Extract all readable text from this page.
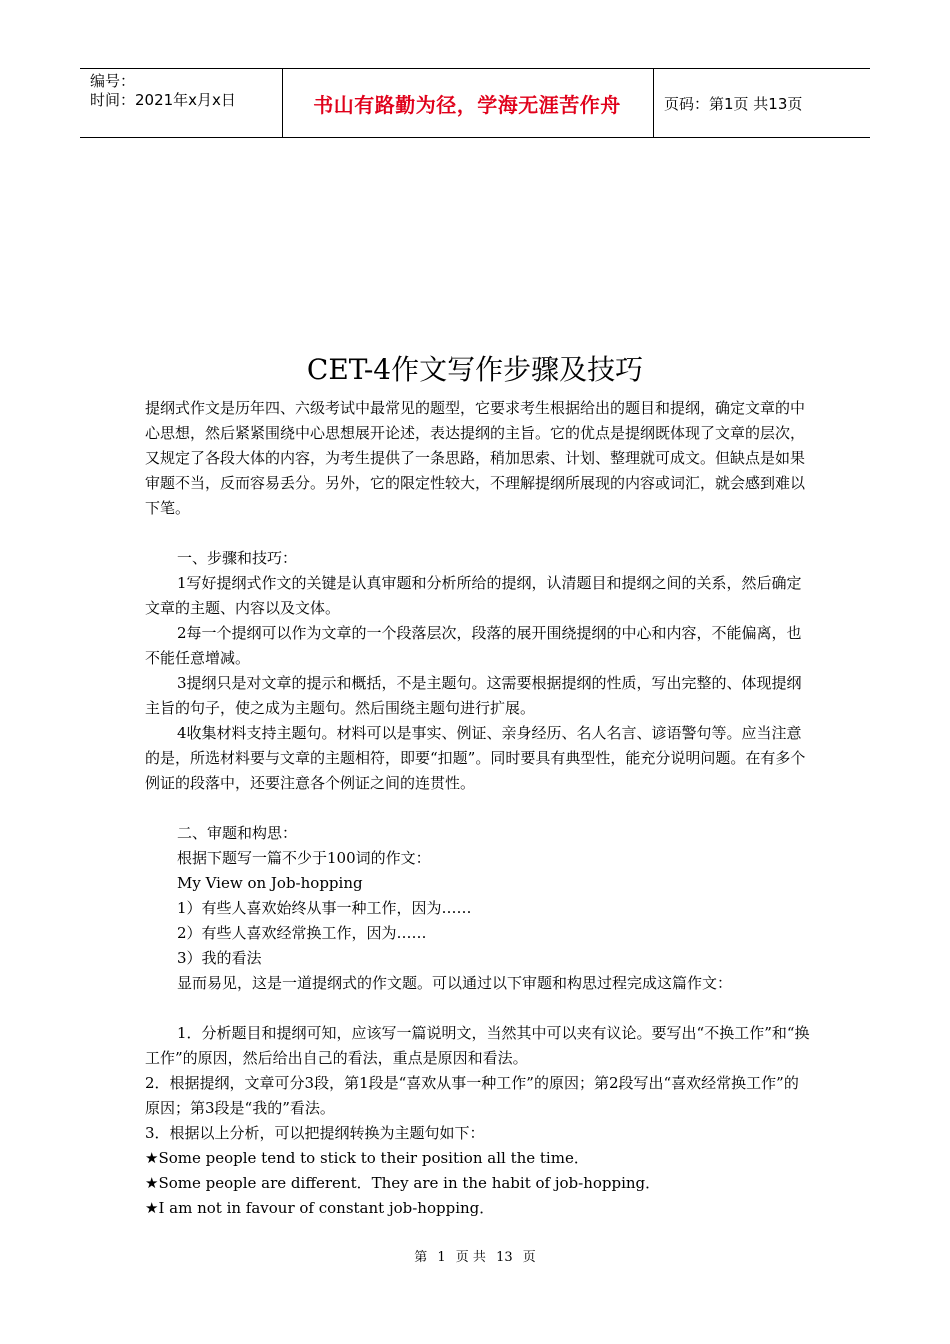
编号：
时间：2021年x月x日	书山有路勤为径，学海无涯苦作舟	页码：第1页 共13页
CET-4作文写作步骤及技巧

提纲式作文是历年四、六级考试中最常见的题型，它要求考生根据给出的题目和提纲，确定文章的中心思想，然后紧紧围绕中心思想展开论述，表达提纲的主旨。它的优点是提纲既体现了文章的层次，又规定了各段大体的内容，为考生提供了一条思路，稍加思索、计划、整理就可成文。但缺点是如果审题不当，反而容易丢分。另外，它的限定性较大，不理解提纲所展现的内容或词汇，就会感到难以下笔。

一、步骤和技巧：

1写好提纲式作文的关键是认真审题和分析所给的提纲，认清题目和提纲之间的关系，然后确定文章的主题、内容以及文体。

2每一个提纲可以作为文章的一个段落层次，段落的展开围绕提纲的中心和内容，不能偏离，也不能任意增减。

3提纲只是对文章的提示和概括，不是主题句。这需要根据提纲的性质，写出完整的、体现提纲主旨的句子，使之成为主题句。然后围绕主题句进行扩展。

4收集材料支持主题句。材料可以是事实、例证、亲身经历、名人名言、谚语警句等。应当注意的是，所选材料要与文章的主题相符，即要“扣题”。同时要具有典型性，能充分说明问题。在有多个例证的段落中，还要注意各个例证之间的连贯性。

二、审题和构思：

根据下题写一篇不少于100词的作文：

My View on Job-hopping

1）有些人喜欢始终从事一种工作，因为……

2）有些人喜欢经常换工作，因为……

3）我的看法

显而易见，这是一道提纲式的作文题。可以通过以下审题和构思过程完成这篇作文：

1．分析题目和提纲可知，应该写一篇说明文，当然其中可以夹有议论。要写出“不换工作”和“换工作”的原因，然后给出自己的看法，重点是原因和看法。

2．根据提纲，文章可分3段，第1段是“喜欢从事一种工作”的原因；第2段写出“喜欢经常换工作”的原因；第3段是“我的”看法。

3．根据以上分析，可以把提纲转换为主题句如下：

★Some people tend to stick to their position all the time．

★Some people are different．They are in the habit of job-hopping．

★I am not in favour of constant job-hopping．

第 1 页 共 13 页
